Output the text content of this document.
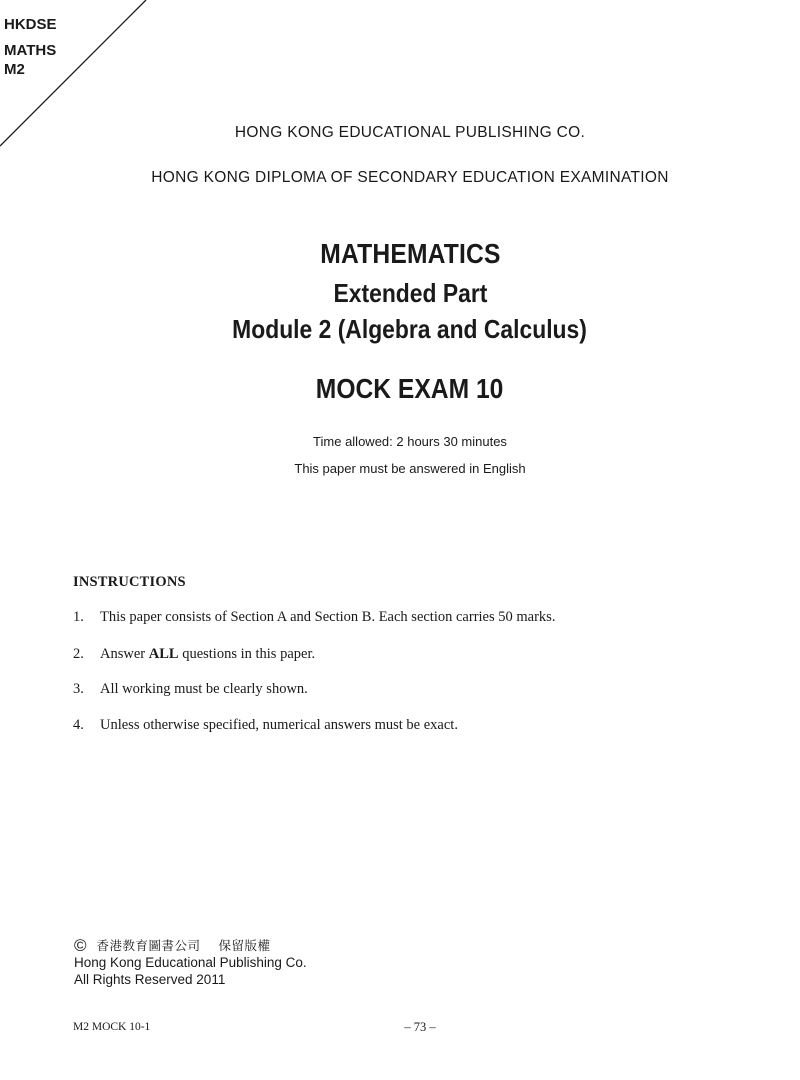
HKDSE
MATHS
M2
HONG KONG EDUCATIONAL PUBLISHING CO.
HONG KONG DIPLOMA OF SECONDARY EDUCATION EXAMINATION
MATHEMATICS
Extended Part
Module 2 (Algebra and Calculus)
MOCK EXAM 10
Time allowed: 2 hours 30 minutes
This paper must be answered in English
INSTRUCTIONS
1. This paper consists of Section A and Section B. Each section carries 50 marks.
2. Answer ALL questions in this paper.
3. All working must be clearly shown.
4. Unless otherwise specified, numerical answers must be exact.
© 香港教育圖書公司 保留版權
Hong Kong Educational Publishing Co.
All Rights Reserved 2011
M2 MOCK 10-1	– 73 –
